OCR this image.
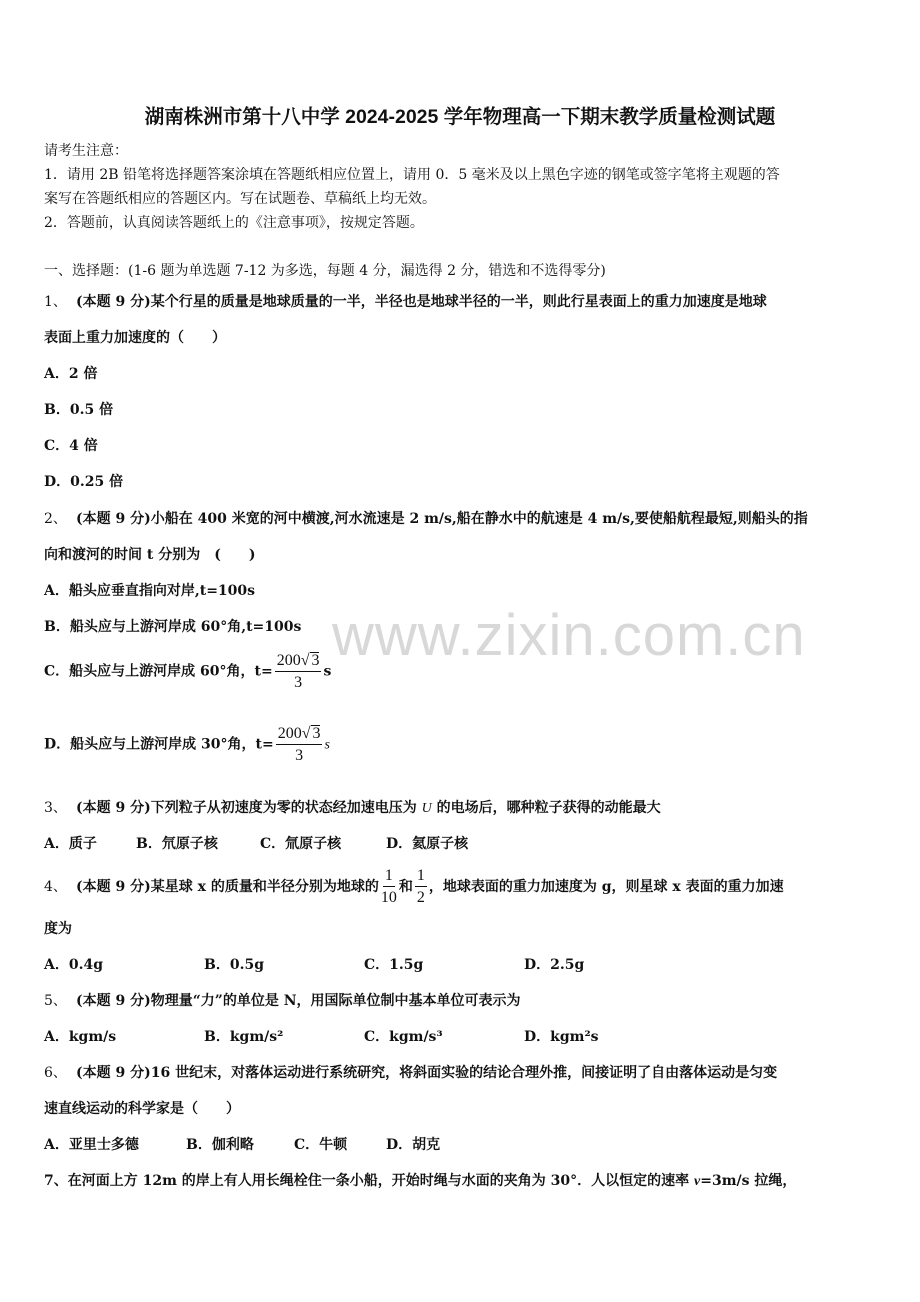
www.zixin.com.cn
湖南株洲市第十八中学 2024-2025 学年物理高一下期末教学质量检测试题
请考生注意：
1．请用 2B 铅笔将选择题答案涂填在答题纸相应位置上，请用 0．5 毫米及以上黑色字迹的钢笔或签字笔将主观题的答
案写在答题纸相应的答题区内。写在试题卷、草稿纸上均无效。
2．答题前，认真阅读答题纸上的《注意事项》，按规定答题。
一、选择题：(1-6 题为单选题 7-12 为多选，每题 4 分，漏选得 2 分，错选和不选得零分)
1、 (本题 9 分)某个行星的质量是地球质量的一半，半径也是地球半径的一半，则此行星表面上的重力加速度是地球
表面上重力加速度的（　　）
A．2 倍
B．0.5 倍
C．4 倍
D．0.25 倍
2、 (本题 9 分)小船在 400 米宽的河中横渡,河水流速是 2 m/s,船在静水中的航速是 4 m/s,要使船航程最短,则船头的指
向和渡河的时间 t 分别为　(　　)
A．船头应垂直指向对岸,t=100s
B．船头应与上游河岸成 60°角,t=100s
C．船头应与上游河岸成 60°角，$t= \frac{200√ 3}{3}$ s
D．船头应与上游河岸成 30°角，$t= \frac{200√ 3}{3}$ s
3、 (本题 9 分)下列粒子从初速度为零的状态经加速电压为 U 的电场后，哪种粒子获得的动能最大
A．质子	B．氘原子核	C．氚原子核	D．氦原子核
4、 (本题 9 分)某星球 x 的质量和半径分别为地球的 $\frac{1}{10}$ 和 $\frac{1}{2}$ ，地球表面的重力加速度为 g，则星球 x 表面的重力加速
度为
A．0.4g	B．0.5g	C．1.5g	D．2.5g
5、 (本题 9 分)物理量“力”的单位是 N，用国际单位制中基本单位可表示为
A．kgm/s	B．kgm/s²	C．kgm/s³	D．kgm²s
6、 (本题 9 分)16 世纪末，对落体运动进行系统研究，将斜面实验的结论合理外推，间接证明了自由落体运动是匀变
速直线运动的科学家是（　　）
A．亚里士多德	B．伽利略	C．牛顿	D．胡克
7、在河面上方 12m 的岸上有人用长绳栓住一条小船，开始时绳与水面的夹角为 30°．人以恒定的速率 v=3m/s 拉绳，
